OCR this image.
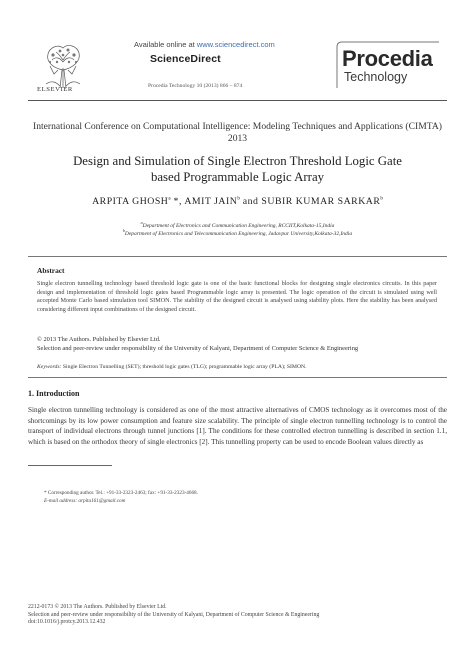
ELSEVIER
Available online at www.sciencedirect.com
ScienceDirect
Procedia Technology 10 (2013) 866 – 874
Procedia
Technology
International Conference on Computational Intelligence: Modeling Techniques and Applications (CIMTA) 2013
Design and Simulation of Single Electron Threshold Logic Gate
based Programmable Logic Array
ARPITA GHOSH$^a$ *, AMIT JAIN$^b$ and SUBIR KUMAR SARKAR$^b$
$^a$Department of Electronics and Communication Engineering, RCCIIT,Kolkata-15,India
$^b$Department of Electronics and Telecommunication Engineering, Jadavpur University,Kolkata-32,India
Abstract
Single electron tunnelling technology based threshold logic gate is one of the basic functional blocks for designing single electronics circuits. In this paper design and implementation of threshold logic gates based Programmable logic array is presented. The logic operation of the circuit is simulated using well accepted Monte Carlo based simulation tool SIMON. The stability of the designed circuit is analysed using stability plots. Here the stability has been analysed considering different input combinations of the designed circuit.
© 2013 The Authors. Published by Elsevier Ltd.
Selection and peer-review under responsibility of the University of Kalyani, Department of Computer Science & Engineering
Keywords: Single Electron Tunnelling (SET); threshold logic gates (TLG); programmable logic array (PLA); SIMON.
1. Introduction
Single electron tunnelling technology is considered as one of the most attractive alternatives of CMOS technology as it overcomes most of the shortcomings by its low power consumption and feature size scalability. The principle of single electron tunnelling technology is to control the transport of individual electrons through tunnel junctions [1]. The conditions for these controlled electron tunnelling is described in section 1.1, which is based on the orthodox theory of single electronics [2]. This tunnelling property can be used to encode Boolean values directly as
* Corresponding author. Tel.: +91-33-2323-2463; fax: +91-33-2323-4668.
E-mail address: arpita161@gmail.com
2212-0173 © 2013 The Authors. Published by Elsevier Ltd.
Selection and peer-review under responsibility of the University of Kalyani, Department of Computer Science & Engineering
doi:10.1016/j.protcy.2013.12.432
